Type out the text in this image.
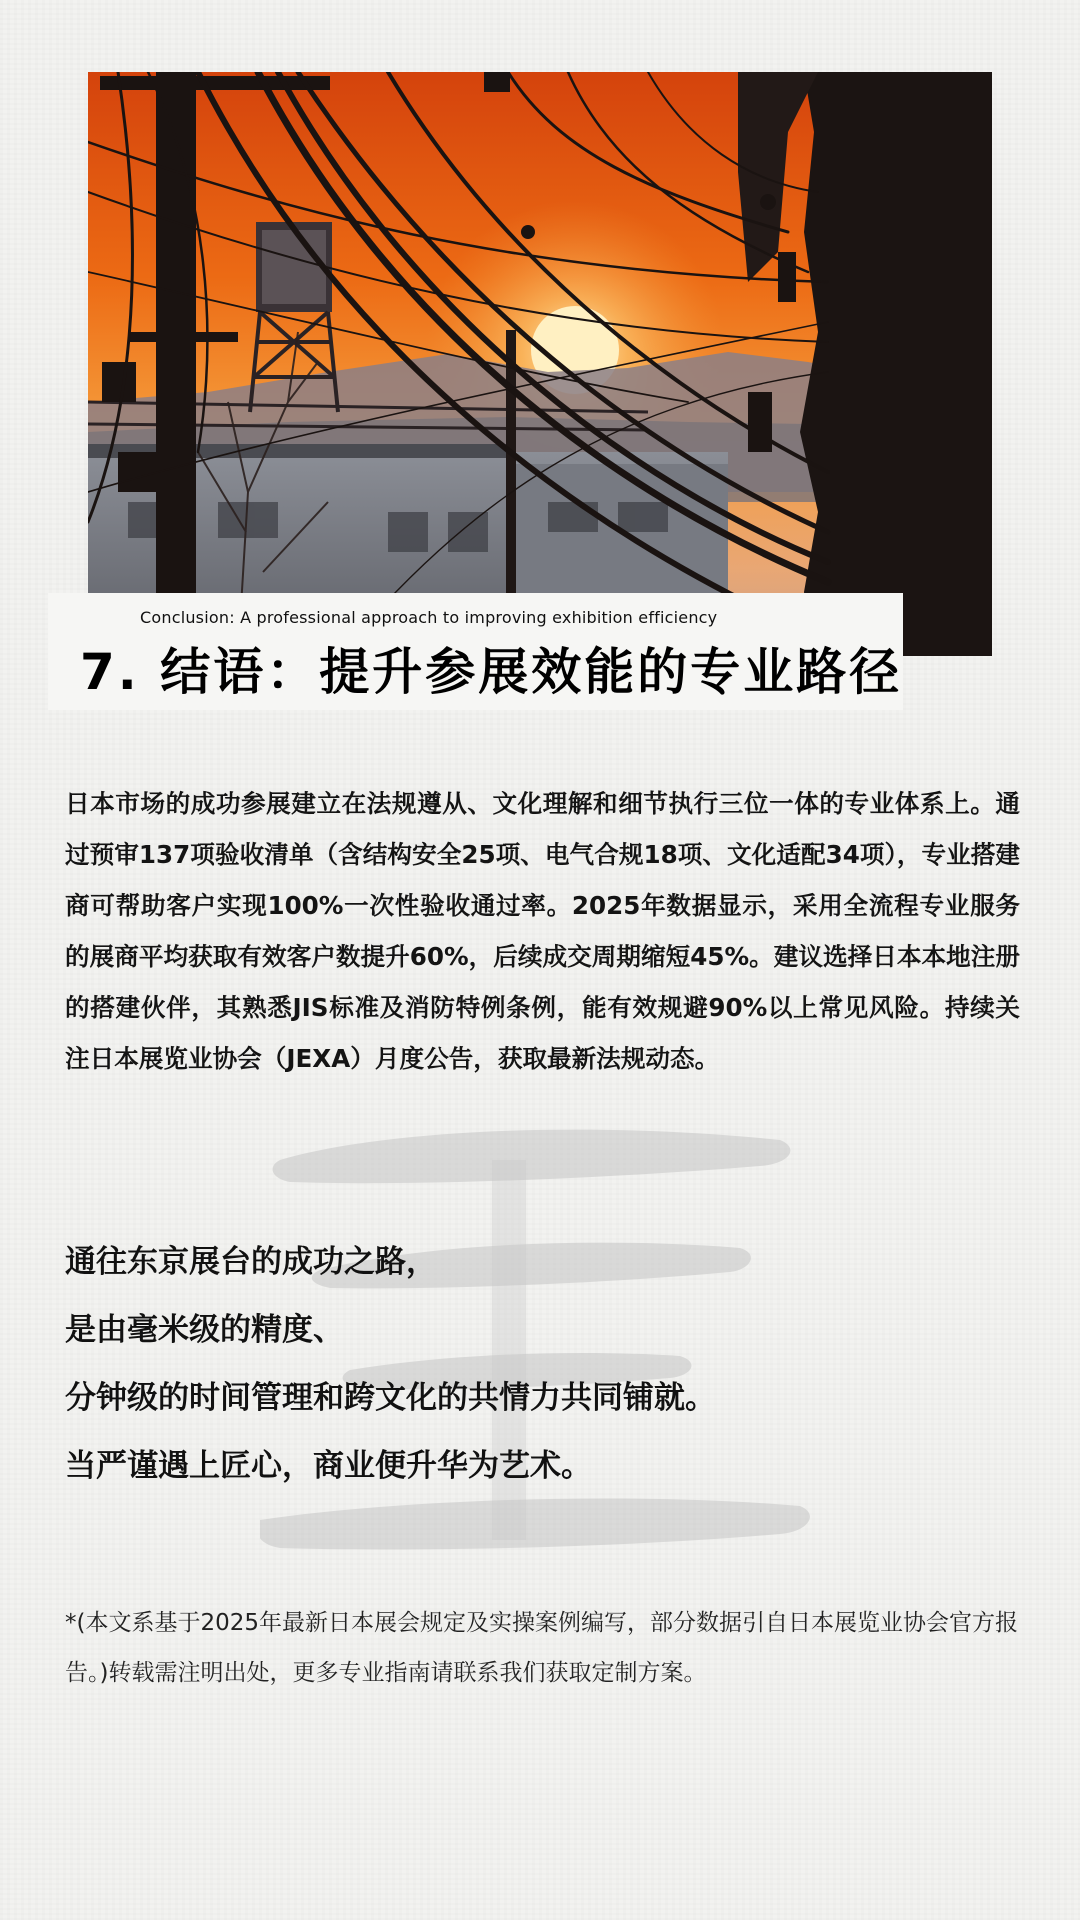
Conclusion: A professional approach to improving exhibition efficiency
7. 结语：提升参展效能的专业路径
日本市场的成功参展建立在法规遵从、文化理解和细节执行三位一体的专业体系上。通过预审137项验收清单（含结构安全25项、电气合规18项、文化适配34项），专业搭建商可帮助客户实现100%一次性验收通过率。2025年数据显示，采用全流程专业服务的展商平均获取有效客户数提升60%，后续成交周期缩短45%。建议选择日本本地注册的搭建伙伴，其熟悉JIS标准及消防特例条例，能有效规避90%以上常见风险。持续关注日本展览业协会（JEXA）月度公告，获取最新法规动态。
通往东京展台的成功之路，
是由毫米级的精度、
分钟级的时间管理和跨文化的共情力共同铺就。
当严谨遇上匠心，商业便升华为艺术。
*(本文系基于2025年最新日本展会规定及实操案例编写，部分数据引自日本展览业协会官方报告。)转载需注明出处，更多专业指南请联系我们获取定制方案。
